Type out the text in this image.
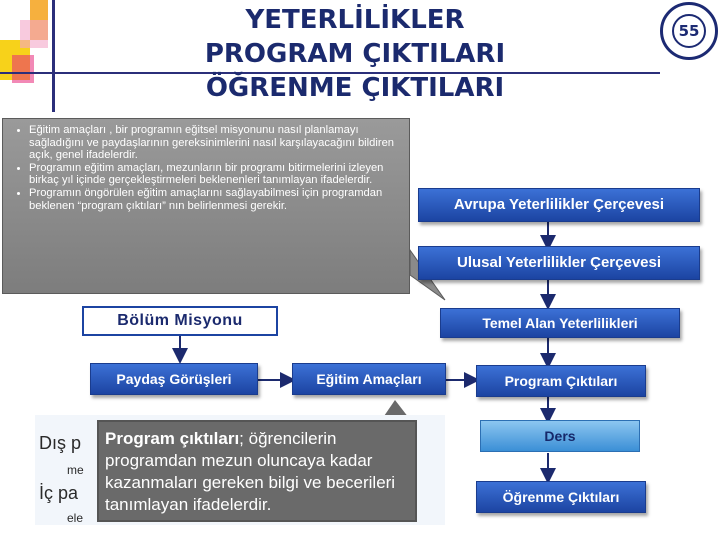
YETERLİLİKLER
PROGRAM ÇIKTILARI
ÖĞRENME ÇIKTILARI
55
• Eğitim amaçları , bir programın eğitsel misyonunu nasıl planlamayı sağladığını ve paydaşlarının gereksinimlerini nasıl karşılayacağını bildiren açık, genel ifadelerdir.
• Programın eğitim amaçları, mezunların bir programı bitirmelerini izleyen birkaç yıl içinde gerçekleştirmeleri beklenenleri tanımlayan ifadelerdir.
• Programın öngörülen eğitim amaçlarını sağlayabilmesi için programdan beklenen “program çıktıları” nın belirlenmesi gerekir.	Avrupa Yeterlilikler Çerçevesi
Ulusal Yeterlilikler Çerçevesi
Temel Alan Yeterlilikleri
Bölüm Misyonu
Paydaş Görüşleri	Eğitim Amaçları	Program Çıktıları
Ders
Öğrenme Çıktıları
Dış p
me
İç pa
ele
Program çıktıları; öğrencilerin programdan mezun oluncaya kadar kazanmaları gereken bilgi ve becerileri tanımlayan ifadelerdir.
